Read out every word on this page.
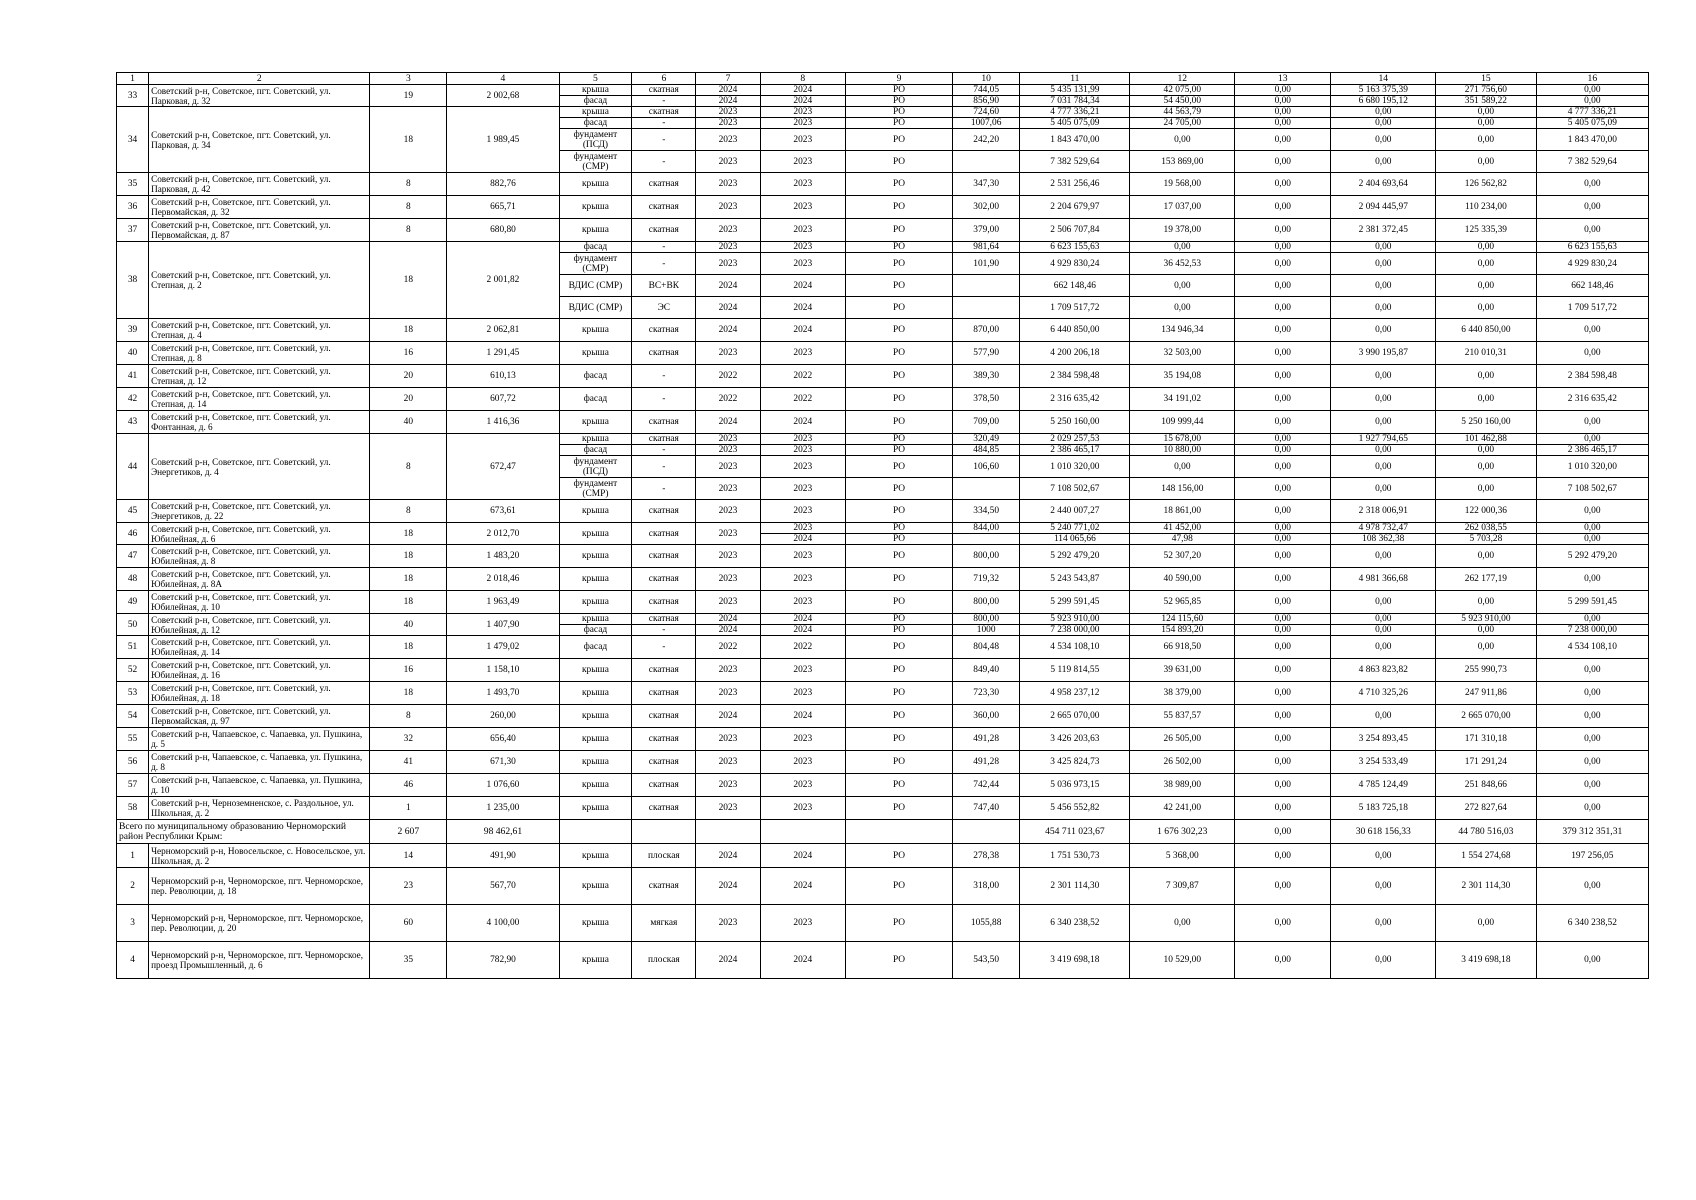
1	2	3	4	5	6	7	8	9	10	11	12	13	14	15	16
33	Советский р-н, Советское, пгт. Советский, ул. Парковая, д. 32	19	2 002,68	крыша	скатная	2024	2024	РО	744,05	5 435 131,99	42 075,00	0,00	5 163 375,39	271 756,60	0,00
				фасад	-	2024	2024	РО	856,90	7 031 784,34	54 450,00	0,00	6 680 195,12	351 589,22	0,00
34	Советский р-н, Советское, пгт. Советский, ул. Парковая, д. 34	18	1 989,45	крыша	скатная	2023	2023	РО	724,60	4 777 336,21	44 563,79	0,00	0,00	0,00	4 777 336,21
				фасад	-	2023	2023	РО	1007,06	5 405 075,09	24 705,00	0,00	0,00	0,00	5 405 075,09
				фундамент (ПСД)	-	2023	2023	РО	242,20	1 843 470,00	0,00	0,00	0,00	0,00	1 843 470,00
				фундамент (СМР)	-	2023	2023	РО		7 382 529,64	153 869,00	0,00	0,00	0,00	7 382 529,64
35	Советский р-н, Советское, пгт. Советский, ул. Парковая, д. 42	8	882,76	крыша	скатная	2023	2023	РО	347,30	2 531 256,46	19 568,00	0,00	2 404 693,64	126 562,82	0,00
36	Советский р-н, Советское, пгт. Советский, ул. Первомайская, д. 32	8	665,71	крыша	скатная	2023	2023	РО	302,00	2 204 679,97	17 037,00	0,00	2 094 445,97	110 234,00	0,00
37	Советский р-н, Советское, пгт. Советский, ул. Первомайская, д. 87	8	680,80	крыша	скатная	2023	2023	РО	379,00	2 506 707,84	19 378,00	0,00	2 381 372,45	125 335,39	0,00
38	Советский р-н, Советское, пгт. Советский, ул. Степная, д. 2	18	2 001,82	фасад	-	2023	2023	РО	981,64	6 623 155,63	0,00	0,00	0,00	0,00	6 623 155,63
				фундамент (СМР)	-	2023	2023	РО	101,90	4 929 830,24	36 452,53	0,00	0,00	0,00	4 929 830,24
				ВДИС (СМР)	ВС+ВК	2024	2024	РО		662 148,46	0,00	0,00	0,00	0,00	662 148,46
				ВДИС (СМР)	ЭС	2024	2024	РО		1 709 517,72	0,00	0,00	0,00	0,00	1 709 517,72
39	Советский р-н, Советское, пгт. Советский, ул. Степная, д. 4	18	2 062,81	крыша	скатная	2024	2024	РО	870,00	6 440 850,00	134 946,34	0,00	0,00	6 440 850,00	0,00
40	Советский р-н, Советское, пгт. Советский, ул. Степная, д. 8	16	1 291,45	крыша	скатная	2023	2023	РО	577,90	4 200 206,18	32 503,00	0,00	3 990 195,87	210 010,31	0,00
41	Советский р-н, Советское, пгт. Советский, ул. Степная, д. 12	20	610,13	фасад	-	2022	2022	РО	389,30	2 384 598,48	35 194,08	0,00	0,00	0,00	2 384 598,48
42	Советский р-н, Советское, пгт. Советский, ул. Степная, д. 14	20	607,72	фасад	-	2022	2022	РО	378,50	2 316 635,42	34 191,02	0,00	0,00	0,00	2 316 635,42
43	Советский р-н, Советское, пгт. Советский, ул. Фонтанная, д. 6	40	1 416,36	крыша	скатная	2024	2024	РО	709,00	5 250 160,00	109 999,44	0,00	0,00	5 250 160,00	0,00
44	Советский р-н, Советское, пгт. Советский, ул. Энергетиков, д. 4	8	672,47	крыша	скатная	2023	2023	РО	320,49	2 029 257,53	15 678,00	0,00	1 927 794,65	101 462,88	0,00
				фасад	-	2023	2023	РО	484,85	2 386 465,17	10 880,00	0,00	0,00	0,00	2 386 465,17
				фундамент (ПСД)	-	2023	2023	РО	106,60	1 010 320,00	0,00	0,00	0,00	0,00	1 010 320,00
				фундамент (СМР)	-	2023	2023	РО		7 108 502,67	148 156,00	0,00	0,00	0,00	7 108 502,67
45	Советский р-н, Советское, пгт. Советский, ул. Энергетиков, д. 22	8	673,61	крыша	скатная	2023	2023	РО	334,50	2 440 007,27	18 861,00	0,00	2 318 006,91	122 000,36	0,00
46	Советский р-н, Советское, пгт. Советский, ул. Юбилейная, д. 6	18	2 012,70	крыша	скатная	2023	2023	РО	844,00	5 240 771,02	41 452,00	0,00	4 978 732,47	262 038,55	0,00
							2024	РО		114 065,66	47,98	0,00	108 362,38	5 703,28	0,00
47	Советский р-н, Советское, пгт. Советский, ул. Юбилейная, д. 8	18	1 483,20	крыша	скатная	2023	2023	РО	800,00	5 292 479,20	52 307,20	0,00	0,00	0,00	5 292 479,20
48	Советский р-н, Советское, пгт. Советский, ул. Юбилейная, д. 8А	18	2 018,46	крыша	скатная	2023	2023	РО	719,32	5 243 543,87	40 590,00	0,00	4 981 366,68	262 177,19	0,00
49	Советский р-н, Советское, пгт. Советский, ул. Юбилейная, д. 10	18	1 963,49	крыша	скатная	2023	2023	РО	800,00	5 299 591,45	52 965,85	0,00	0,00	0,00	5 299 591,45
50	Советский р-н, Советское, пгт. Советский, ул. Юбилейная, д. 12	40	1 407,90	крыша	скатная	2024	2024	РО	800,00	5 923 910,00	124 115,60	0,00	0,00	5 923 910,00	0,00
				фасад	-	2024	2024	РО	1000	7 238 000,00	154 893,20	0,00	0,00	0,00	7 238 000,00
51	Советский р-н, Советское, пгт. Советский, ул. Юбилейная, д. 14	18	1 479,02	фасад	-	2022	2022	РО	804,48	4 534 108,10	66 918,50	0,00	0,00	0,00	4 534 108,10
52	Советский р-н, Советское, пгт. Советский, ул. Юбилейная, д. 16	16	1 158,10	крыша	скатная	2023	2023	РО	849,40	5 119 814,55	39 631,00	0,00	4 863 823,82	255 990,73	0,00
53	Советский р-н, Советское, пгт. Советский, ул. Юбилейная, д. 18	18	1 493,70	крыша	скатная	2023	2023	РО	723,30	4 958 237,12	38 379,00	0,00	4 710 325,26	247 911,86	0,00
54	Советский р-н, Советское, пгт. Советский, ул. Первомайская, д. 97	8	260,00	крыша	скатная	2024	2024	РО	360,00	2 665 070,00	55 837,57	0,00	0,00	2 665 070,00	0,00
55	Советский р-н, Чапаевское, с. Чапаевка, ул. Пушкина, д. 5	32	656,40	крыша	скатная	2023	2023	РО	491,28	3 426 203,63	26 505,00	0,00	3 254 893,45	171 310,18	0,00
56	Советский р-н, Чапаевское, с. Чапаевка, ул. Пушкина, д. 8	41	671,30	крыша	скатная	2023	2023	РО	491,28	3 425 824,73	26 502,00	0,00	3 254 533,49	171 291,24	0,00
57	Советский р-н, Чапаевское, с. Чапаевка, ул. Пушкина, д. 10	46	1 076,60	крыша	скатная	2023	2023	РО	742,44	5 036 973,15	38 989,00	0,00	4 785 124,49	251 848,66	0,00
58	Советский р-н, Черноземненское, с. Раздольное, ул. Школьная, д. 2	1	1 235,00	крыша	скатная	2023	2023	РО	747,40	5 456 552,82	42 241,00	0,00	5 183 725,18	272 827,64	0,00
Всего по муниципальному образованию Черноморский район Республики Крым:		2 607	98 462,61							454 711 023,67	1 676 302,23	0,00	30 618 156,33	44 780 516,03	379 312 351,31
1	Черноморский р-н, Новосельское, с. Новосельское, ул. Школьная, д. 2	14	491,90	крыша	плоская	2024	2024	РО	278,38	1 751 530,73	5 368,00	0,00	0,00	1 554 274,68	197 256,05
2	Черноморский р-н, Черноморское, пгт. Черноморское, пер. Революции, д. 18	23	567,70	крыша	скатная	2024	2024	РО	318,00	2 301 114,30	7 309,87	0,00	0,00	2 301 114,30	0,00
3	Черноморский р-н, Черноморское, пгт. Черноморское, пер. Революции, д. 20	60	4 100,00	крыша	мягкая	2023	2023	РО	1055,88	6 340 238,52	0,00	0,00	0,00	0,00	6 340 238,52
4	Черноморский р-н, Черноморское, пгт. Черноморское, проезд Промышленный, д. 6	35	782,90	крыша	плоская	2024	2024	РО	543,50	3 419 698,18	10 529,00	0,00	0,00	3 419 698,18	0,00
